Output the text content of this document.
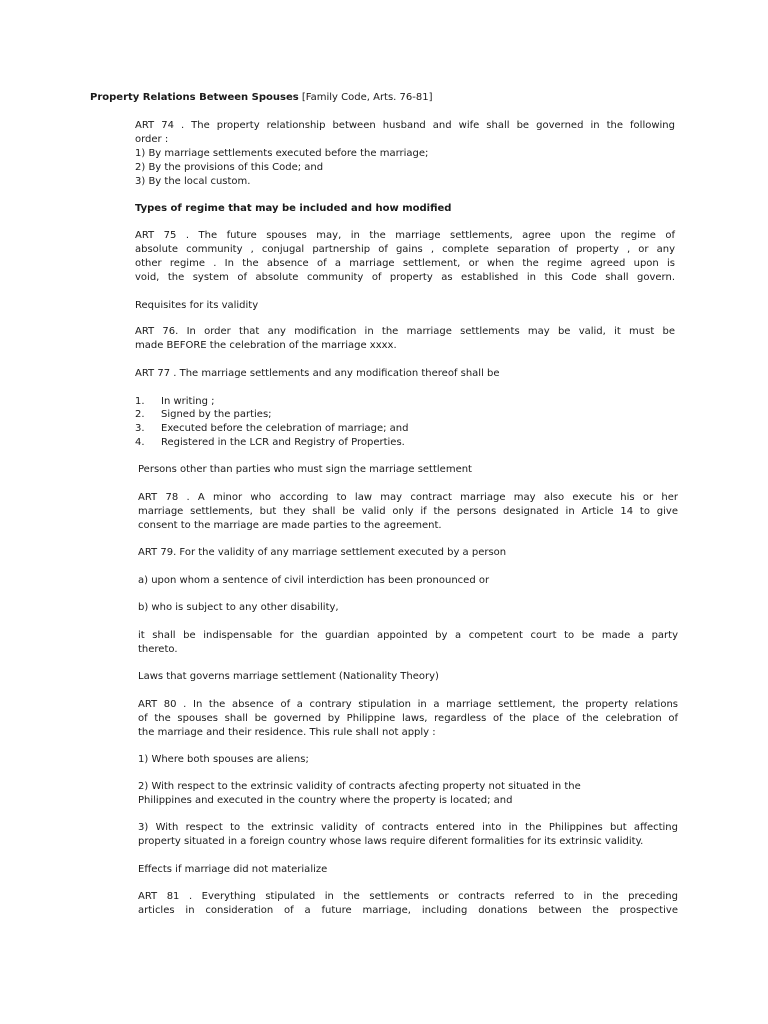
Property Relations Between Spouses [Family Code, Arts. 76-81]
ART 74 . The property relationship between husband and wife shall be governed in the following
order :
1) By marriage settlements executed before the marriage;
2) By the provisions of this Code; and
3) By the local custom.
Types of regime that may be included and how modified
ART 75 . The future spouses may, in the marriage settlements, agree upon the regime of
absolute community , conjugal partnership of gains , complete separation of property , or any
other regime . In the absence of a marriage settlement, or when the regime agreed upon is
void, the system of absolute community of property as established in this Code shall govern.
Requisites for its validity
ART 76. In order that any modification in the marriage settlements may be valid, it must be
made BEFORE the celebration of the marriage xxxx.
ART 77 . The marriage settlements and any modification thereof shall be
1. In writing ;
2. Signed by the parties;
3. Executed before the celebration of marriage; and
4. Registered in the LCR and Registry of Properties.
Persons other than parties who must sign the marriage settlement
ART 78 . A minor who according to law may contract marriage may also execute his or her
marriage settlements, but they shall be valid only if the persons designated in Article 14 to give
consent to the marriage are made parties to the agreement.
ART 79. For the validity of any marriage settlement executed by a person
a) upon whom a sentence of civil interdiction has been pronounced or
b) who is subject to any other disability,
it shall be indispensable for the guardian appointed by a competent court to be made a party
thereto.
Laws that governs marriage settlement (Nationality Theory)
ART 80 . In the absence of a contrary stipulation in a marriage settlement, the property relations
of the spouses shall be governed by Philippine laws, regardless of the place of the celebration of
the marriage and their residence. This rule shall not apply :
1) Where both spouses are aliens;
2) With respect to the extrinsic validity of contracts afecting property not situated in the
Philippines and executed in the country where the property is located; and
3) With respect to the extrinsic validity of contracts entered into in the Philippines but affecting
property situated in a foreign country whose laws require diferent formalities for its extrinsic validity.
Effects if marriage did not materialize
ART 81 . Everything stipulated in the settlements or contracts referred to in the preceding
articles in consideration of a future marriage, including donations between the prospective
